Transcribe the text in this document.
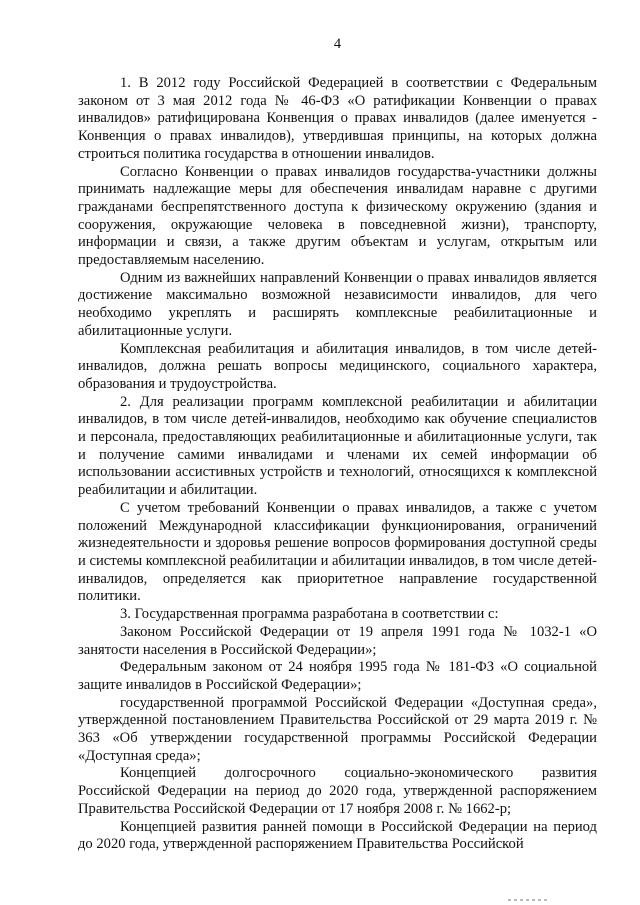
4

1. В 2012 году Российской Федерацией в соответствии с Федеральным законом от 3 мая 2012 года № 46-ФЗ «О ратификации Конвенции о правах инвалидов» ратифицирована Конвенция о правах инвалидов (далее именуется - Конвенция о правах инвалидов), утвердившая принципы, на которых должна строиться политика государства в отношении инвалидов.

Согласно Конвенции о правах инвалидов государства-участники должны принимать надлежащие меры для обеспечения инвалидам наравне с другими гражданами беспрепятственного доступа к физическому окружению (здания и сооружения, окружающие человека в повседневной жизни), транспорту, информации и связи, а также другим объектам и услугам, открытым или предоставляемым населению.

Одним из важнейших направлений Конвенции о правах инвалидов является достижение максимально возможной независимости инвалидов, для чего необходимо укреплять и расширять комплексные реабилитационные и абилитационные услуги.

Комплексная реабилитация и абилитация инвалидов, в том числе детей-инвалидов, должна решать вопросы медицинского, социального характера, образования и трудоустройства.

2. Для реализации программ комплексной реабилитации и абилитации инвалидов, в том числе детей-инвалидов, необходимо как обучение специалистов и персонала, предоставляющих реабилитационные и абилитационные услуги, так и получение самими инвалидами и членами их семей информации об использовании ассистивных устройств и технологий, относящихся к комплексной реабилитации и абилитации.

С учетом требований Конвенции о правах инвалидов, а также с учетом положений Международной классификации функционирования, ограничений жизнедеятельности и здоровья решение вопросов формирования доступной среды и системы комплексной реабилитации и абилитации инвалидов, в том числе детей-инвалидов, определяется как приоритетное направление государственной политики.

3. Государственная программа разработана в соответствии с:

Законом Российской Федерации от 19 апреля 1991 года № 1032-1 «О занятости населения в Российской Федерации»;

Федеральным законом от 24 ноября 1995 года № 181-ФЗ «О социальной защите инвалидов в Российской Федерации»;

государственной программой Российской Федерации «Доступная среда», утвержденной постановлением Правительства Российской от 29 марта 2019 г. № 363 «Об утверждении государственной программы Российской Федерации «Доступная среда»;

Концепцией долгосрочного социально-экономического развития Российской Федерации на период до 2020 года, утвержденной распоряжением Правительства Российской Федерации от 17 ноября 2008 г. № 1662-р;

Концепцией развития ранней помощи в Российской Федерации на период до 2020 года, утвержденной распоряжением Правительства Российской
